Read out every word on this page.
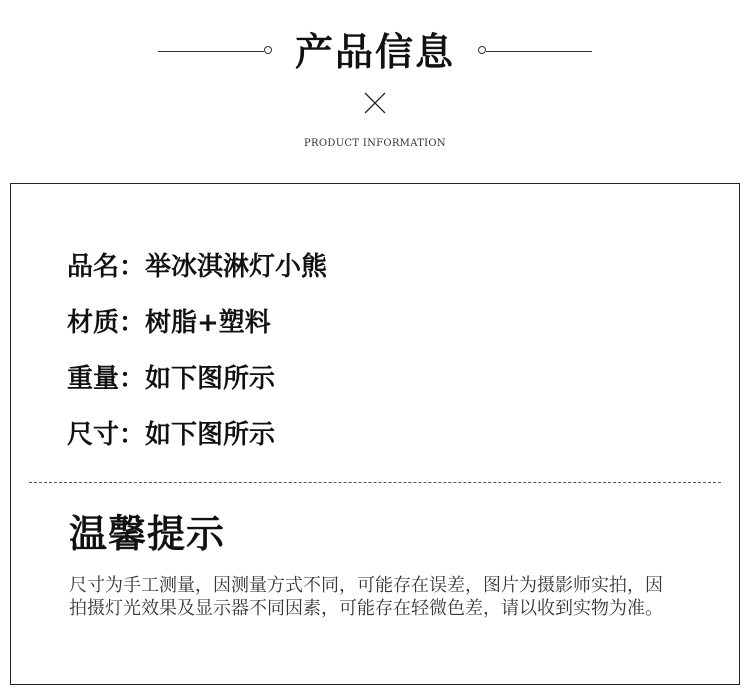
产品信息
PRODUCT INFORMATION
品名：举冰淇淋灯小熊
材质：树脂+塑料
重量：如下图所示
尺寸：如下图所示
温馨提示
尺寸为手工测量，因测量方式不同，可能存在误差，图片为摄影师实拍，因拍摄灯光效果及显示器不同因素，可能存在轻微色差，请以收到实物为准。
